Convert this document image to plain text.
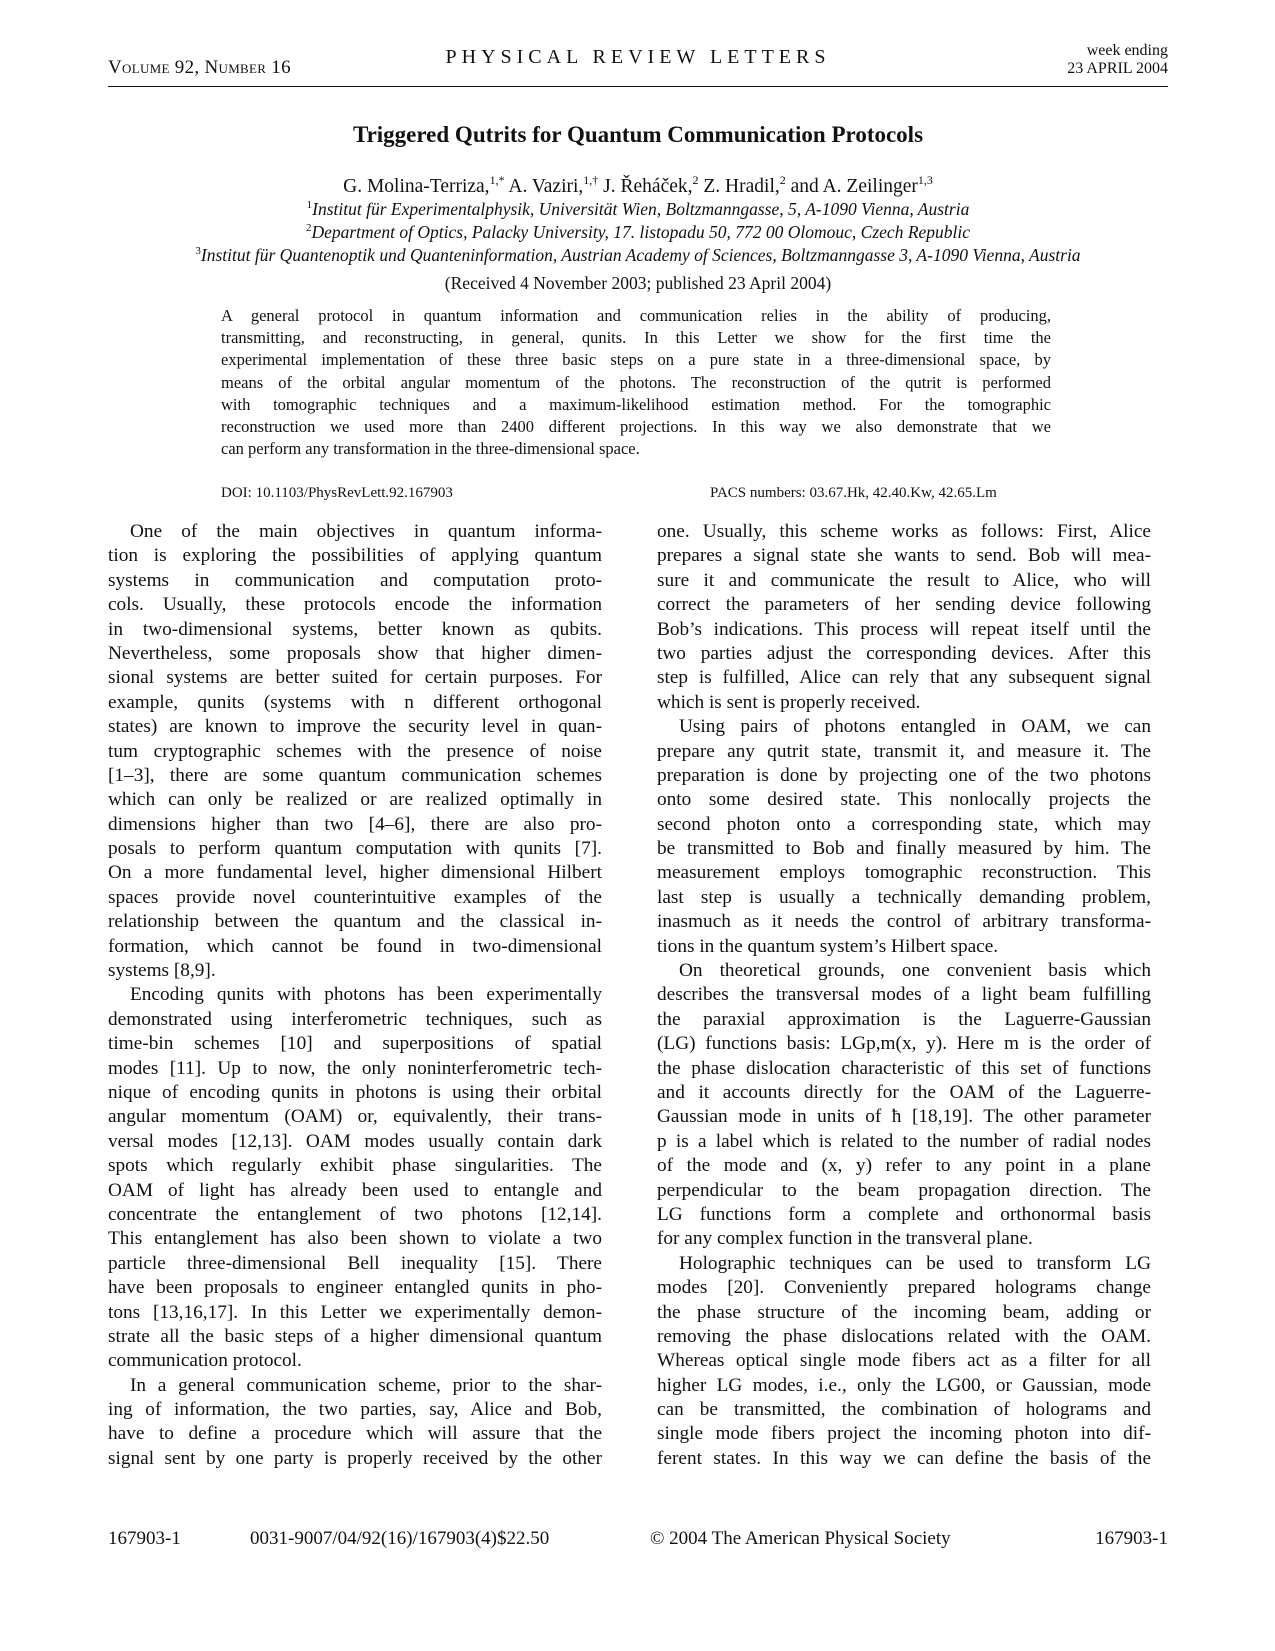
Volume 92, Number 16	PHYSICAL REVIEW LETTERS	week ending
23 APRIL 2004
Triggered Qutrits for Quantum Communication Protocols
G. Molina-Terriza,$^{1,*}$ A. Vaziri,$^{1,\dagger}$ J. Řeháček,$^2$ Z. Hradil,$^2$ and A. Zeilinger$^{1,3}$
$^1$Institut für Experimentalphysik, Universität Wien, Boltzmanngasse, 5, A-1090 Vienna, Austria
$^2$Department of Optics, Palacky University, 17. listopadu 50, 772 00 Olomouc, Czech Republic
$^3$Institut für Quantenoptik und Quanteninformation, Austrian Academy of Sciences, Boltzmanngasse 3, A-1090 Vienna, Austria
(Received 4 November 2003; published 23 April 2004)
A general protocol in quantum information and communication relies in the ability of producing,
transmitting, and reconstructing, in general, qunits. In this Letter we show for the first time the
experimental implementation of these three basic steps on a pure state in a three-dimensional space, by
means of the orbital angular momentum of the photons. The reconstruction of the qutrit is performed
with tomographic techniques and a maximum-likelihood estimation method. For the tomographic
reconstruction we used more than 2400 different projections. In this way we also demonstrate that we
can perform any transformation in the three-dimensional space.
DOI: 10.1103/PhysRevLett.92.167903	PACS numbers: 03.67.Hk, 42.40.Kw, 42.65.Lm
One of the main objectives in quantum informa-
tion is exploring the possibilities of applying quantum
systems in communication and computation proto-
cols. Usually, these protocols encode the information
in two-dimensional systems, better known as qubits.
Nevertheless, some proposals show that higher dimen-
sional systems are better suited for certain purposes. For
example, qunits (systems with n different orthogonal
states) are known to improve the security level in quan-
tum cryptographic schemes with the presence of noise
[1–3], there are some quantum communication schemes
which can only be realized or are realized optimally in
dimensions higher than two [4–6], there are also pro-
posals to perform quantum computation with qunits [7].
On a more fundamental level, higher dimensional Hilbert
spaces provide novel counterintuitive examples of the
relationship between the quantum and the classical in-
formation, which cannot be found in two-dimensional
systems [8,9].
Encoding qunits with photons has been experimentally
demonstrated using interferometric techniques, such as
time-bin schemes [10] and superpositions of spatial
modes [11]. Up to now, the only noninterferometric tech-
nique of encoding qunits in photons is using their orbital
angular momentum (OAM) or, equivalently, their trans-
versal modes [12,13]. OAM modes usually contain dark
spots which regularly exhibit phase singularities. The
OAM of light has already been used to entangle and
concentrate the entanglement of two photons [12,14].
This entanglement has also been shown to violate a two
particle three-dimensional Bell inequality [15]. There
have been proposals to engineer entangled qunits in pho-
tons [13,16,17]. In this Letter we experimentally demon-
strate all the basic steps of a higher dimensional quantum
communication protocol.
In a general communication scheme, prior to the shar-
ing of information, the two parties, say, Alice and Bob,
have to define a procedure which will assure that the
signal sent by one party is properly received by the other
one. Usually, this scheme works as follows: First, Alice
prepares a signal state she wants to send. Bob will mea-
sure it and communicate the result to Alice, who will
correct the parameters of her sending device following
Bob’s indications. This process will repeat itself until the
two parties adjust the corresponding devices. After this
step is fulfilled, Alice can rely that any subsequent signal
which is sent is properly received.
Using pairs of photons entangled in OAM, we can
prepare any qutrit state, transmit it, and measure it. The
preparation is done by projecting one of the two photons
onto some desired state. This nonlocally projects the
second photon onto a corresponding state, which may
be transmitted to Bob and finally measured by him. The
measurement employs tomographic reconstruction. This
last step is usually a technically demanding problem,
inasmuch as it needs the control of arbitrary transforma-
tions in the quantum system’s Hilbert space.
On theoretical grounds, one convenient basis which
describes the transversal modes of a light beam fulfilling
the paraxial approximation is the Laguerre-Gaussian
(LG) functions basis: LGp,m(x, y). Here m is the order of
the phase dislocation characteristic of this set of functions
and it accounts directly for the OAM of the Laguerre-
Gaussian mode in units of ħ [18,19]. The other parameter
p is a label which is related to the number of radial nodes
of the mode and (x, y) refer to any point in a plane
perpendicular to the beam propagation direction. The
LG functions form a complete and orthonormal basis
for any complex function in the transveral plane.
Holographic techniques can be used to transform LG
modes [20]. Conveniently prepared holograms change
the phase structure of the incoming beam, adding or
removing the phase dislocations related with the OAM.
Whereas optical single mode fibers act as a filter for all
higher LG modes, i.e., only the LG00, or Gaussian, mode
can be transmitted, the combination of holograms and
single mode fibers project the incoming photon into dif-
ferent states. In this way we can define the basis of the
167903-1	0031-9007/04/92(16)/167903(4)$22.50	© 2004 The American Physical Society	167903-1
